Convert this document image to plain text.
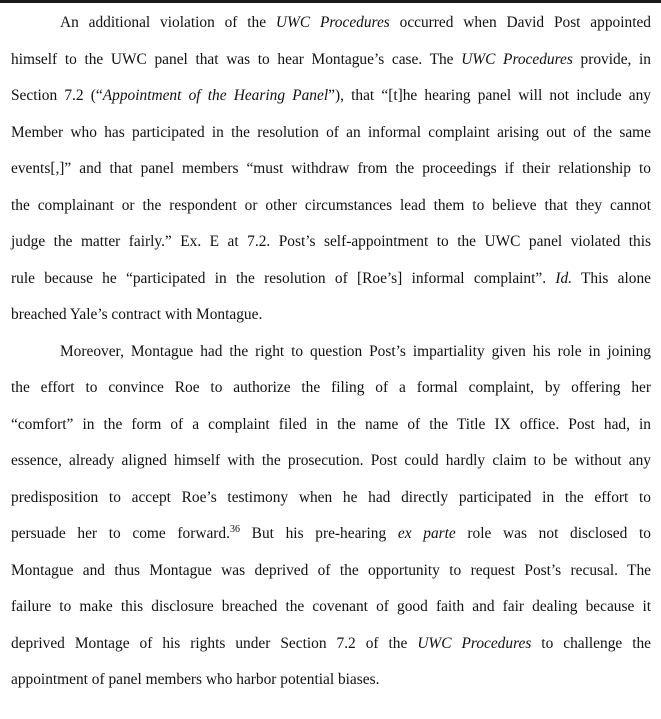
An additional violation of the UWC Procedures occurred when David Post appointed
himself to the UWC panel that was to hear Montague’s case. The UWC Procedures provide, in
Section 7.2 (“Appointment of the Hearing Panel”), that “[t]he hearing panel will not include any
Member who has participated in the resolution of an informal complaint arising out of the same
events[,]” and that panel members “must withdraw from the proceedings if their relationship to
the complainant or the respondent or other circumstances lead them to believe that they cannot
judge the matter fairly.” Ex. E at 7.2. Post’s self-appointment to the UWC panel violated this
rule because he “participated in the resolution of [Roe’s] informal complaint”. Id. This alone
breached Yale’s contract with Montague.

Moreover, Montague had the right to question Post’s impartiality given his role in joining
the effort to convince Roe to authorize the filing of a formal complaint, by offering her
“comfort” in the form of a complaint filed in the name of the Title IX office. Post had, in
essence, already aligned himself with the prosecution. Post could hardly claim to be without any
predisposition to accept Roe’s testimony when he had directly participated in the effort to
persuade her to come forward.$^{36}$ But his pre-hearing ex parte role was not disclosed to
Montague and thus Montague was deprived of the opportunity to request Post’s recusal. The
failure to make this disclosure breached the covenant of good faith and fair dealing because it
deprived Montage of his rights under Section 7.2 of the UWC Procedures to challenge the
appointment of panel members who harbor potential biases.
